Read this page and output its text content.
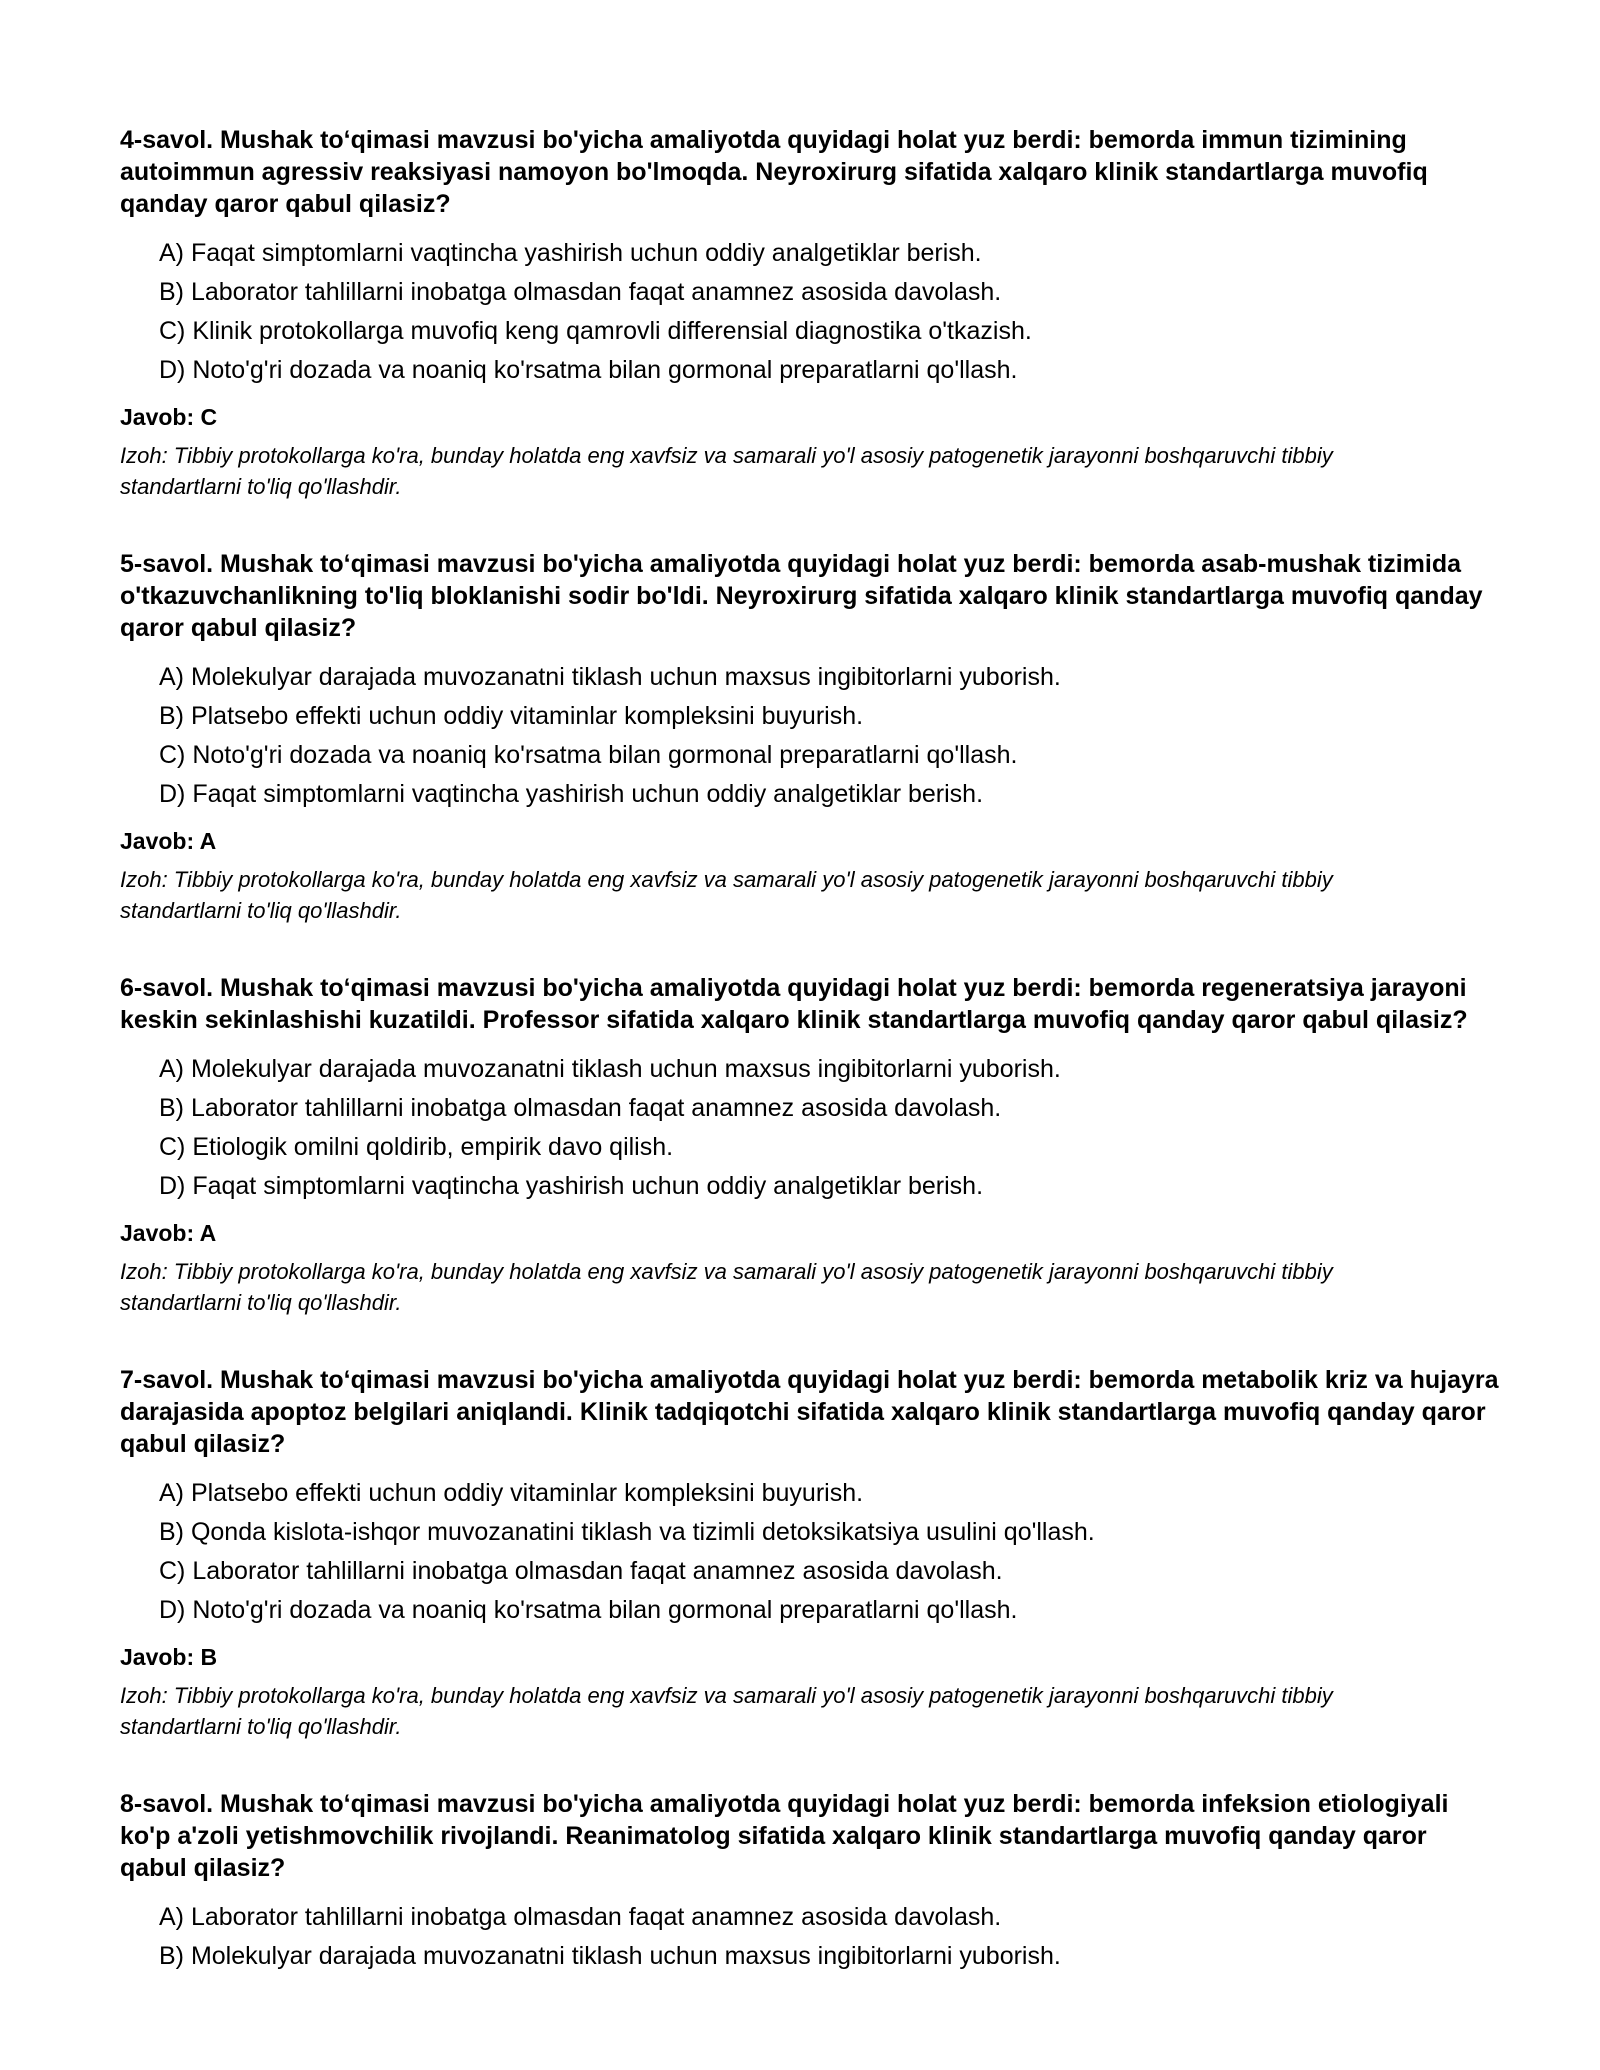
4-savol. Mushak to‘qimasi mavzusi bo'yicha amaliyotda quyidagi holat yuz berdi: bemorda immun tizimining autoimmun agressiv reaksiyasi namoyon bo'lmoqda. Neyroxirurg sifatida xalqaro klinik standartlarga muvofiq qanday qaror qabul qilasiz?

A) Faqat simptomlarni vaqtincha yashirish uchun oddiy analgetiklar berish.
B) Laborator tahlillarni inobatga olmasdan faqat anamnez asosida davolash.
C) Klinik protokollarga muvofiq keng qamrovli differensial diagnostika o'tkazish.
D) Noto'g'ri dozada va noaniq ko'rsatma bilan gormonal preparatlarni qo'llash.

Javob: C

Izoh: Tibbiy protokollarga ko'ra, bunday holatda eng xavfsiz va samarali yo'l asosiy patogenetik jarayonni boshqaruvchi tibbiy standartlarni to'liq qo'llashdir.

5-savol. Mushak to‘qimasi mavzusi bo'yicha amaliyotda quyidagi holat yuz berdi: bemorda asab-mushak tizimida o'tkazuvchanlikning to'liq bloklanishi sodir bo'ldi. Neyroxirurg sifatida xalqaro klinik standartlarga muvofiq qanday qaror qabul qilasiz?

A) Molekulyar darajada muvozanatni tiklash uchun maxsus ingibitorlarni yuborish.
B) Platsebo effekti uchun oddiy vitaminlar kompleksini buyurish.
C) Noto'g'ri dozada va noaniq ko'rsatma bilan gormonal preparatlarni qo'llash.
D) Faqat simptomlarni vaqtincha yashirish uchun oddiy analgetiklar berish.

Javob: A

Izoh: Tibbiy protokollarga ko'ra, bunday holatda eng xavfsiz va samarali yo'l asosiy patogenetik jarayonni boshqaruvchi tibbiy standartlarni to'liq qo'llashdir.

6-savol. Mushak to‘qimasi mavzusi bo'yicha amaliyotda quyidagi holat yuz berdi: bemorda regeneratsiya jarayoni keskin sekinlashishi kuzatildi. Professor sifatida xalqaro klinik standartlarga muvofiq qanday qaror qabul qilasiz?

A) Molekulyar darajada muvozanatni tiklash uchun maxsus ingibitorlarni yuborish.
B) Laborator tahlillarni inobatga olmasdan faqat anamnez asosida davolash.
C) Etiologik omilni qoldirib, empirik davo qilish.
D) Faqat simptomlarni vaqtincha yashirish uchun oddiy analgetiklar berish.

Javob: A

Izoh: Tibbiy protokollarga ko'ra, bunday holatda eng xavfsiz va samarali yo'l asosiy patogenetik jarayonni boshqaruvchi tibbiy standartlarni to'liq qo'llashdir.

7-savol. Mushak to‘qimasi mavzusi bo'yicha amaliyotda quyidagi holat yuz berdi: bemorda metabolik kriz va hujayra darajasida apoptoz belgilari aniqlandi. Klinik tadqiqotchi sifatida xalqaro klinik standartlarga muvofiq qanday qaror qabul qilasiz?

A) Platsebo effekti uchun oddiy vitaminlar kompleksini buyurish.
B) Qonda kislota-ishqor muvozanatini tiklash va tizimli detoksikatsiya usulini qo'llash.
C) Laborator tahlillarni inobatga olmasdan faqat anamnez asosida davolash.
D) Noto'g'ri dozada va noaniq ko'rsatma bilan gormonal preparatlarni qo'llash.

Javob: B

Izoh: Tibbiy protokollarga ko'ra, bunday holatda eng xavfsiz va samarali yo'l asosiy patogenetik jarayonni boshqaruvchi tibbiy standartlarni to'liq qo'llashdir.

8-savol. Mushak to‘qimasi mavzusi bo'yicha amaliyotda quyidagi holat yuz berdi: bemorda infeksion etiologiyali ko'p a'zoli yetishmovchilik rivojlandi. Reanimatolog sifatida xalqaro klinik standartlarga muvofiq qanday qaror qabul qilasiz?

A) Laborator tahlillarni inobatga olmasdan faqat anamnez asosida davolash.
B) Molekulyar darajada muvozanatni tiklash uchun maxsus ingibitorlarni yuborish.
